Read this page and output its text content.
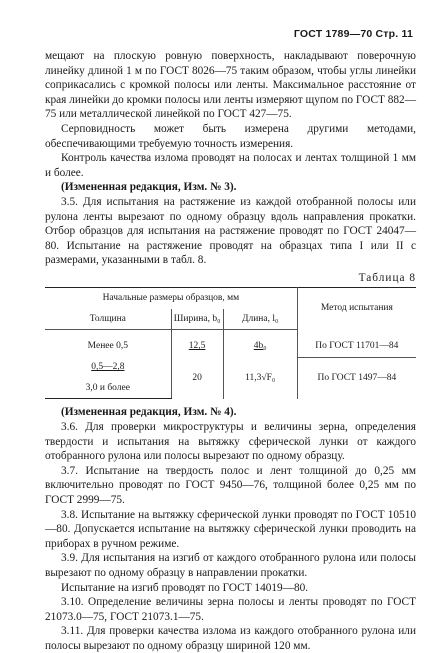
ГОСТ 1789—70 Стр. 11

мещают на плоскую ровную поверхность, накладывают поверочную линейку длиной 1 м по ГОСТ 8026—75 таким образом, чтобы углы линейки соприкасались с кромкой полосы или ленты. Максимальное расстояние от края линейки до кромки полосы или ленты измеряют щупом по ГОСТ 882—75 или металлической линейкой по ГОСТ 427—75.

Серповидность может быть измерена другими методами, обеспечивающими требуемую точность измерения.

Контроль качества излома проводят на полосах и лентах толщиной 1 мм и более.

(Измененная редакция, Изм. № 3).

3.5. Для испытания на растяжение из каждой отобранной полосы или рулона ленты вырезают по одному образцу вдоль направления прокатки. Отбор образцов для испытания на растяжение проводят по ГОСТ 24047—80. Испытание на растяжение проводят на образцах типа I или II с размерами, указанными в табл. 8.

Таблица 8

Начальные размеры образцов, мм			Метод испытания
Толщина	Ширина, b₀	Длина, l₀	

Менее 0,5	12,5	4b₀	По ГОСТ 11701—84
0,5—2,8	20	11,3√F₀	По ГОСТ 1497—84
3,0 и более			

(Измененная редакция, Изм. № 4).

3.6. Для проверки микроструктуры и величины зерна, определения твердости и испытания на вытяжку сферической лунки от каждого отобранного рулона или полосы вырезают по одному образцу.

3.7. Испытание на твердость полос и лент толщиной до 0,25 мм включительно проводят по ГОСТ 9450—76, толщиной более 0,25 мм по ГОСТ 2999—75.

3.8. Испытание на вытяжку сферической лунки проводят по ГОСТ 10510—80. Допускается испытание на вытяжку сферической лунки проводить на приборах в ручном режиме.

3.9. Для испытания на изгиб от каждого отобранного рулона или полосы вырезают по одному образцу в направлении прокатки.

Испытание на изгиб проводят по ГОСТ 14019—80.

3.10. Определение величины зерна полосы и ленты проводят по ГОСТ 21073.0—75, ГОСТ 21073.1—75.

3.11. Для проверки качества излома из каждого отобранного рулона или полосы вырезают по одному образцу шириной 120 мм.
